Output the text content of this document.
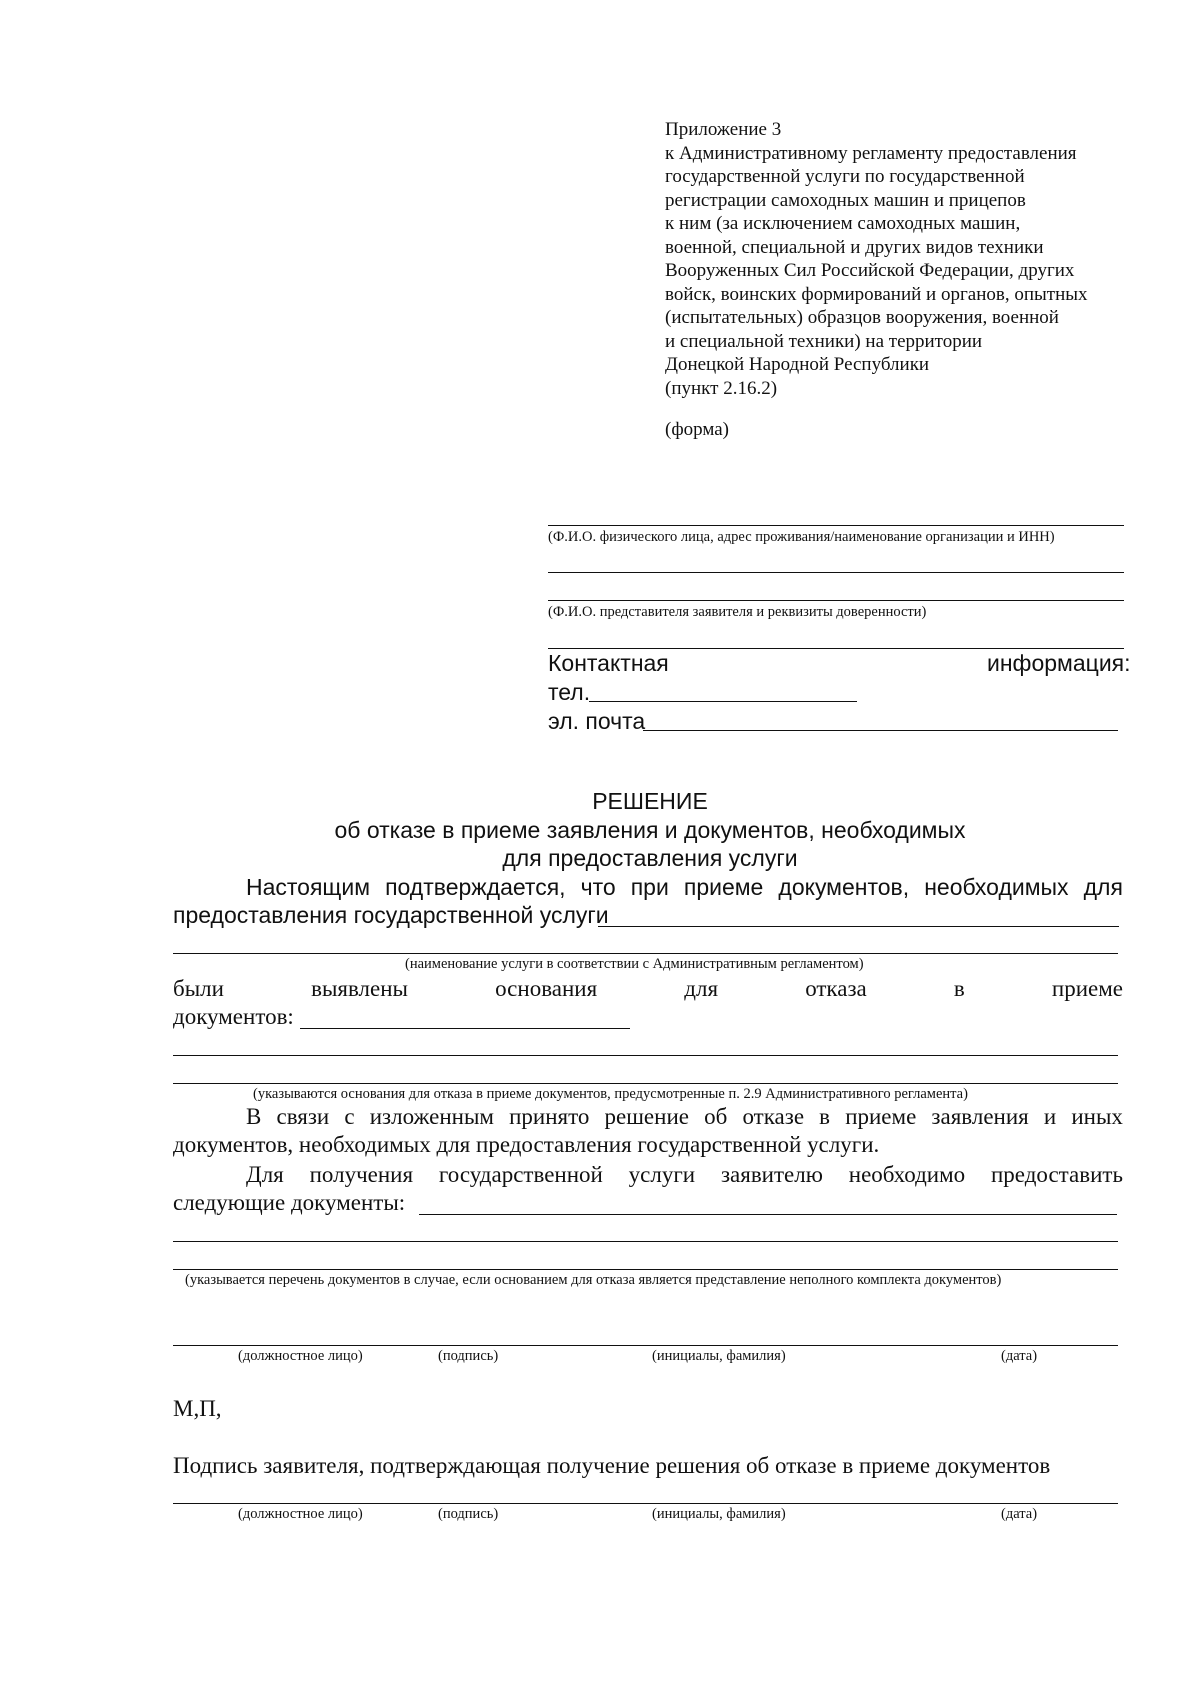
Приложение 3
к Административному регламенту предоставления
государственной услуги по государственной
регистрации самоходных машин и прицепов
к ним (за исключением самоходных машин,
военной, специальной и других видов техники
Вооруженных Сил Российской Федерации, других
войск, воинских формирований и органов, опытных
(испытательных) образцов вооружения, военной
и специальной техники) на территории
Донецкой Народной Республики
(пункт 2.16.2)
(форма)
(Ф.И.О. физического лица, адрес проживания/наименование организации и ИНН)
(Ф.И.О. представителя заявителя и реквизиты доверенности)
Контактная	информация:
тел.
эл. почта
РЕШЕНИЕ
об отказе в приеме заявления и документов, необходимых
для предоставления услуги
Настоящим подтверждается, что при приеме документов, необходимых для
предоставления государственной услуги
(наименование услуги в соответствии с Административным регламентом)
были	выявлены	основания	для	отказа	в	приеме
документов:
(указываются основания для отказа в приеме документов, предусмотренные п. 2.9 Административного регламента)
В связи с изложенным принято решение об отказе в приеме заявления и иных
документов, необходимых для предоставления государственной услуги.
Для получения государственной услуги заявителю необходимо предоставить
следующие документы:
(указывается перечень документов в случае, если основанием для отказа является представление неполного комплекта документов)
(должностное лицо)	(подпись)	(инициалы, фамилия)	(дата)
М,П,
Подпись заявителя, подтверждающая получение решения об отказе в приеме документов
(должностное лицо)	(подпись)	(инициалы, фамилия)	(дата)
